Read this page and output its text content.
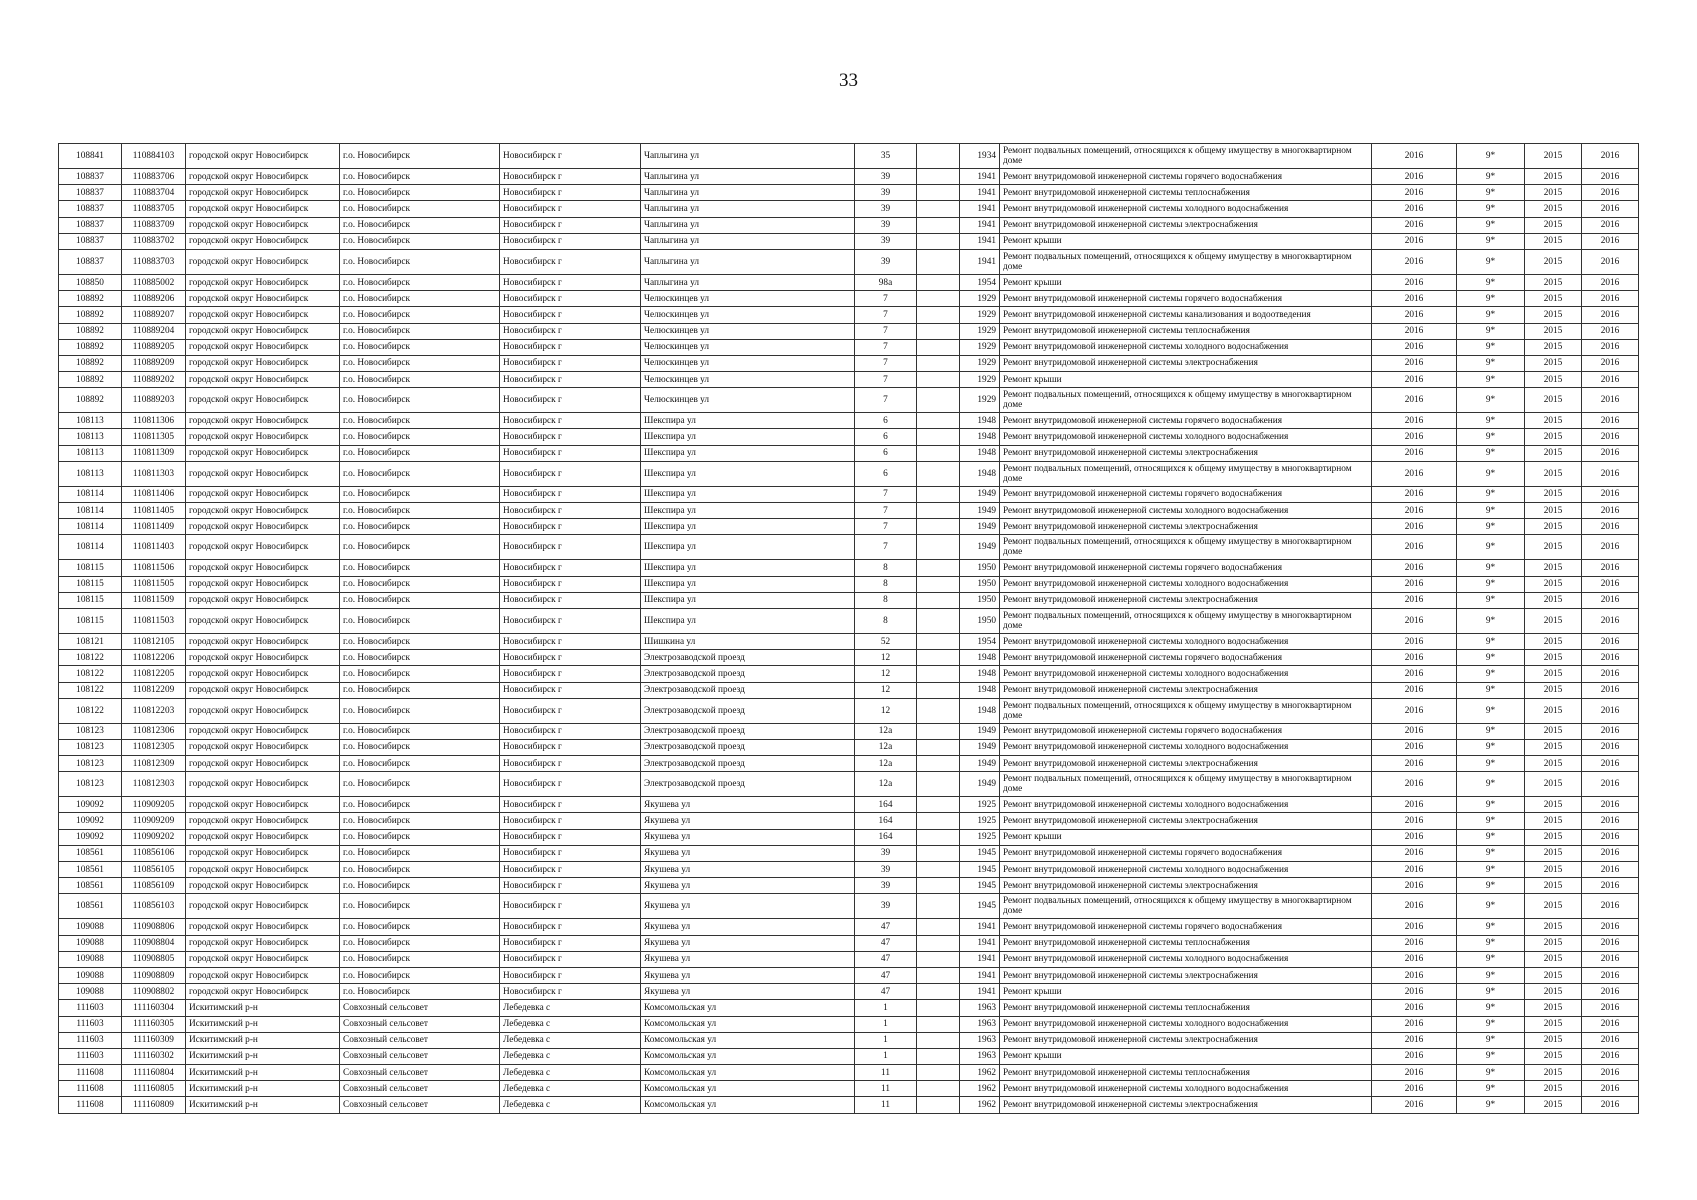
33
108841	110884103	городской округ Новосибирск	г.о. Новосибирск	Новосибирск г	Чаплыгина ул	35		1934	Ремонт подвальных помещений, относящихся к общему имуществу в многоквартирном доме	2016	9*	2015	2016
108837	110883706	городской округ Новосибирск	г.о. Новосибирск	Новосибирск г	Чаплыгина ул	39		1941	Ремонт внутридомовой инженерной системы горячего водоснабжения	2016	9*	2015	2016
108837	110883704	городской округ Новосибирск	г.о. Новосибирск	Новосибирск г	Чаплыгина ул	39		1941	Ремонт внутридомовой инженерной системы теплоснабжения	2016	9*	2015	2016
108837	110883705	городской округ Новосибирск	г.о. Новосибирск	Новосибирск г	Чаплыгина ул	39		1941	Ремонт внутридомовой инженерной системы холодного водоснабжения	2016	9*	2015	2016
108837	110883709	городской округ Новосибирск	г.о. Новосибирск	Новосибирск г	Чаплыгина ул	39		1941	Ремонт внутридомовой инженерной системы электроснабжения	2016	9*	2015	2016
108837	110883702	городской округ Новосибирск	г.о. Новосибирск	Новосибирск г	Чаплыгина ул	39		1941	Ремонт крыши	2016	9*	2015	2016
108837	110883703	городской округ Новосибирск	г.о. Новосибирск	Новосибирск г	Чаплыгина ул	39		1941	Ремонт подвальных помещений, относящихся к общему имуществу в многоквартирном доме	2016	9*	2015	2016
108850	110885002	городской округ Новосибирск	г.о. Новосибирск	Новосибирск г	Чаплыгина ул	98а		1954	Ремонт крыши	2016	9*	2015	2016
108892	110889206	городской округ Новосибирск	г.о. Новосибирск	Новосибирск г	Челюскинцев ул	7		1929	Ремонт внутридомовой инженерной системы горячего водоснабжения	2016	9*	2015	2016
108892	110889207	городской округ Новосибирск	г.о. Новосибирск	Новосибирск г	Челюскинцев ул	7		1929	Ремонт внутридомовой инженерной системы канализования и водоотведения	2016	9*	2015	2016
108892	110889204	городской округ Новосибирск	г.о. Новосибирск	Новосибирск г	Челюскинцев ул	7		1929	Ремонт внутридомовой инженерной системы теплоснабжения	2016	9*	2015	2016
108892	110889205	городской округ Новосибирск	г.о. Новосибирск	Новосибирск г	Челюскинцев ул	7		1929	Ремонт внутридомовой инженерной системы холодного водоснабжения	2016	9*	2015	2016
108892	110889209	городской округ Новосибирск	г.о. Новосибирск	Новосибирск г	Челюскинцев ул	7		1929	Ремонт внутридомовой инженерной системы электроснабжения	2016	9*	2015	2016
108892	110889202	городской округ Новосибирск	г.о. Новосибирск	Новосибирск г	Челюскинцев ул	7		1929	Ремонт крыши	2016	9*	2015	2016
108892	110889203	городской округ Новосибирск	г.о. Новосибирск	Новосибирск г	Челюскинцев ул	7		1929	Ремонт подвальных помещений, относящихся к общему имуществу в многоквартирном доме	2016	9*	2015	2016
108113	110811306	городской округ Новосибирск	г.о. Новосибирск	Новосибирск г	Шекспира ул	6		1948	Ремонт внутридомовой инженерной системы горячего водоснабжения	2016	9*	2015	2016
108113	110811305	городской округ Новосибирск	г.о. Новосибирск	Новосибирск г	Шекспира ул	6		1948	Ремонт внутридомовой инженерной системы холодного водоснабжения	2016	9*	2015	2016
108113	110811309	городской округ Новосибирск	г.о. Новосибирск	Новосибирск г	Шекспира ул	6		1948	Ремонт внутридомовой инженерной системы электроснабжения	2016	9*	2015	2016
108113	110811303	городской округ Новосибирск	г.о. Новосибирск	Новосибирск г	Шекспира ул	6		1948	Ремонт подвальных помещений, относящихся к общему имуществу в многоквартирном доме	2016	9*	2015	2016
108114	110811406	городской округ Новосибирск	г.о. Новосибирск	Новосибирск г	Шекспира ул	7		1949	Ремонт внутридомовой инженерной системы горячего водоснабжения	2016	9*	2015	2016
108114	110811405	городской округ Новосибирск	г.о. Новосибирск	Новосибирск г	Шекспира ул	7		1949	Ремонт внутридомовой инженерной системы холодного водоснабжения	2016	9*	2015	2016
108114	110811409	городской округ Новосибирск	г.о. Новосибирск	Новосибирск г	Шекспира ул	7		1949	Ремонт внутридомовой инженерной системы электроснабжения	2016	9*	2015	2016
108114	110811403	городской округ Новосибирск	г.о. Новосибирск	Новосибирск г	Шекспира ул	7		1949	Ремонт подвальных помещений, относящихся к общему имуществу в многоквартирном доме	2016	9*	2015	2016
108115	110811506	городской округ Новосибирск	г.о. Новосибирск	Новосибирск г	Шекспира ул	8		1950	Ремонт внутридомовой инженерной системы горячего водоснабжения	2016	9*	2015	2016
108115	110811505	городской округ Новосибирск	г.о. Новосибирск	Новосибирск г	Шекспира ул	8		1950	Ремонт внутридомовой инженерной системы холодного водоснабжения	2016	9*	2015	2016
108115	110811509	городской округ Новосибирск	г.о. Новосибирск	Новосибирск г	Шекспира ул	8		1950	Ремонт внутридомовой инженерной системы электроснабжения	2016	9*	2015	2016
108115	110811503	городской округ Новосибирск	г.о. Новосибирск	Новосибирск г	Шекспира ул	8		1950	Ремонт подвальных помещений, относящихся к общему имуществу в многоквартирном доме	2016	9*	2015	2016
108121	110812105	городской округ Новосибирск	г.о. Новосибирск	Новосибирск г	Шишкина ул	52		1954	Ремонт внутридомовой инженерной системы холодного водоснабжения	2016	9*	2015	2016
108122	110812206	городской округ Новосибирск	г.о. Новосибирск	Новосибирск г	Электрозаводской проезд	12		1948	Ремонт внутридомовой инженерной системы горячего водоснабжения	2016	9*	2015	2016
108122	110812205	городской округ Новосибирск	г.о. Новосибирск	Новосибирск г	Электрозаводской проезд	12		1948	Ремонт внутридомовой инженерной системы холодного водоснабжения	2016	9*	2015	2016
108122	110812209	городской округ Новосибирск	г.о. Новосибирск	Новосибирск г	Электрозаводской проезд	12		1948	Ремонт внутридомовой инженерной системы электроснабжения	2016	9*	2015	2016
108122	110812203	городской округ Новосибирск	г.о. Новосибирск	Новосибирск г	Электрозаводской проезд	12		1948	Ремонт подвальных помещений, относящихся к общему имуществу в многоквартирном доме	2016	9*	2015	2016
108123	110812306	городской округ Новосибирск	г.о. Новосибирск	Новосибирск г	Электрозаводской проезд	12а		1949	Ремонт внутридомовой инженерной системы горячего водоснабжения	2016	9*	2015	2016
108123	110812305	городской округ Новосибирск	г.о. Новосибирск	Новосибирск г	Электрозаводской проезд	12а		1949	Ремонт внутридомовой инженерной системы холодного водоснабжения	2016	9*	2015	2016
108123	110812309	городской округ Новосибирск	г.о. Новосибирск	Новосибирск г	Электрозаводской проезд	12а		1949	Ремонт внутридомовой инженерной системы электроснабжения	2016	9*	2015	2016
108123	110812303	городской округ Новосибирск	г.о. Новосибирск	Новосибирск г	Электрозаводской проезд	12а		1949	Ремонт подвальных помещений, относящихся к общему имуществу в многоквартирном доме	2016	9*	2015	2016
109092	110909205	городской округ Новосибирск	г.о. Новосибирск	Новосибирск г	Якушева ул	164		1925	Ремонт внутридомовой инженерной системы холодного водоснабжения	2016	9*	2015	2016
109092	110909209	городской округ Новосибирск	г.о. Новосибирск	Новосибирск г	Якушева ул	164		1925	Ремонт внутридомовой инженерной системы электроснабжения	2016	9*	2015	2016
109092	110909202	городской округ Новосибирск	г.о. Новосибирск	Новосибирск г	Якушева ул	164		1925	Ремонт крыши	2016	9*	2015	2016
108561	110856106	городской округ Новосибирск	г.о. Новосибирск	Новосибирск г	Якушева ул	39		1945	Ремонт внутридомовой инженерной системы горячего водоснабжения	2016	9*	2015	2016
108561	110856105	городской округ Новосибирск	г.о. Новосибирск	Новосибирск г	Якушева ул	39		1945	Ремонт внутридомовой инженерной системы холодного водоснабжения	2016	9*	2015	2016
108561	110856109	городской округ Новосибирск	г.о. Новосибирск	Новосибирск г	Якушева ул	39		1945	Ремонт внутридомовой инженерной системы электроснабжения	2016	9*	2015	2016
108561	110856103	городской округ Новосибирск	г.о. Новосибирск	Новосибирск г	Якушева ул	39		1945	Ремонт подвальных помещений, относящихся к общему имуществу в многоквартирном доме	2016	9*	2015	2016
109088	110908806	городской округ Новосибирск	г.о. Новосибирск	Новосибирск г	Якушева ул	47		1941	Ремонт внутридомовой инженерной системы горячего водоснабжения	2016	9*	2015	2016
109088	110908804	городской округ Новосибирск	г.о. Новосибирск	Новосибирск г	Якушева ул	47		1941	Ремонт внутридомовой инженерной системы теплоснабжения	2016	9*	2015	2016
109088	110908805	городской округ Новосибирск	г.о. Новосибирск	Новосибирск г	Якушева ул	47		1941	Ремонт внутридомовой инженерной системы холодного водоснабжения	2016	9*	2015	2016
109088	110908809	городской округ Новосибирск	г.о. Новосибирск	Новосибирск г	Якушева ул	47		1941	Ремонт внутридомовой инженерной системы электроснабжения	2016	9*	2015	2016
109088	110908802	городской округ Новосибирск	г.о. Новосибирск	Новосибирск г	Якушева ул	47		1941	Ремонт крыши	2016	9*	2015	2016
111603	111160304	Искитимский р-н	Совхозный сельсовет	Лебедевка с	Комсомольская ул	1		1963	Ремонт внутридомовой инженерной системы теплоснабжения	2016	9*	2015	2016
111603	111160305	Искитимский р-н	Совхозный сельсовет	Лебедевка с	Комсомольская ул	1		1963	Ремонт внутридомовой инженерной системы холодного водоснабжения	2016	9*	2015	2016
111603	111160309	Искитимский р-н	Совхозный сельсовет	Лебедевка с	Комсомольская ул	1		1963	Ремонт внутридомовой инженерной системы электроснабжения	2016	9*	2015	2016
111603	111160302	Искитимский р-н	Совхозный сельсовет	Лебедевка с	Комсомольская ул	1		1963	Ремонт крыши	2016	9*	2015	2016
111608	111160804	Искитимский р-н	Совхозный сельсовет	Лебедевка с	Комсомольская ул	11		1962	Ремонт внутридомовой инженерной системы теплоснабжения	2016	9*	2015	2016
111608	111160805	Искитимский р-н	Совхозный сельсовет	Лебедевка с	Комсомольская ул	11		1962	Ремонт внутридомовой инженерной системы холодного водоснабжения	2016	9*	2015	2016
111608	111160809	Искитимский р-н	Совхозный сельсовет	Лебедевка с	Комсомольская ул	11		1962	Ремонт внутридомовой инженерной системы электроснабжения	2016	9*	2015	2016
